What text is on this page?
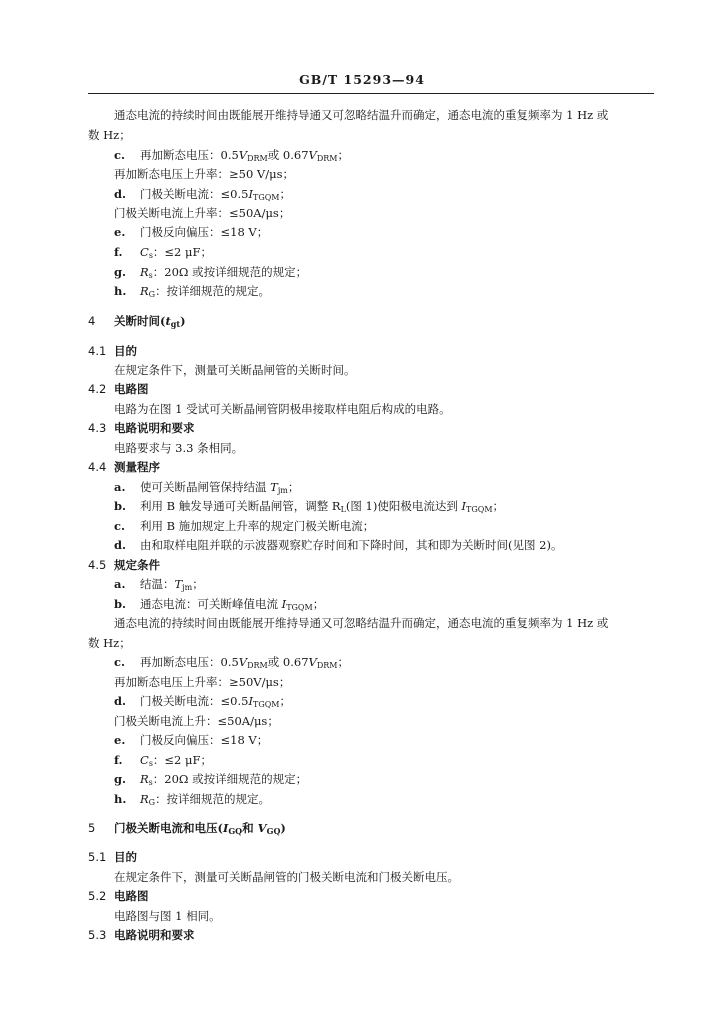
GB/T 15293—94
通态电流的持续时间由既能展开维持导通又可忽略结温升而确定，通态电流的重复频率为 1 Hz 或
数 Hz；
c. 再加断态电压：$0.5V_{DRM}$或 $0.67V_{DRM}$；
再加断态电压上升率：≥50 V/μs；
d. 门极关断电流：$\le 0.5I_{TGQM}$；
门极关断电流上升率：≤50A/μs；
e. 门极反向偏压：≤18 V；
f. $C_s$：≤2 μF；
g. $R_s$：20Ω 或按详细规范的规定；
h. $R_G$：按详细规范的规定。
4 关断时间$(t_{gt})$
4.1 目的
在规定条件下，测量可关断晶闸管的关断时间。
4.2 电路图
电路为在图 1 受试可关断晶闸管阴极串接取样电阻后构成的电路。
4.3 电路说明和要求
电路要求与 3.3 条相同。
4.4 测量程序
a. 使可关断晶闸管保持结温 $T_{jm}$；
b. 利用 B 触发导通可关断晶闸管，调整 $R_L$(图 1)使阳极电流达到 $I_{TGQM}$；
c. 利用 B 施加规定上升率的规定门极关断电流；
d. 由和取样电阻并联的示波器观察贮存时间和下降时间，其和即为关断时间(见图 2)。
4.5 规定条件
a. 结温：$T_{jm}$；
b. 通态电流：可关断峰值电流 $I_{TGQM}$；
通态电流的持续时间由既能展开维持导通又可忽略结温升而确定，通态电流的重复频率为 1 Hz 或
数 Hz；
c. 再加断态电压：$0.5V_{DRM}$或 $0.67V_{DRM}$；
再加断态电压上升率：≥50V/μs；
d. 门极关断电流：$\le 0.5I_{TGQM}$；
门极关断电流上升：≤50A/μs；
e. 门极反向偏压：≤18 V；
f. $C_s$：≤2 μF；
g. $R_s$：20Ω 或按详细规范的规定；
h. $R_G$：按详细规范的规定。
5 门极关断电流和电压($I_{GQ}$和 $V_{GQ}$)
5.1 目的
在规定条件下，测量可关断晶闸管的门极关断电流和门极关断电压。
5.2 电路图
电路图与图 1 相同。
5.3 电路说明和要求
